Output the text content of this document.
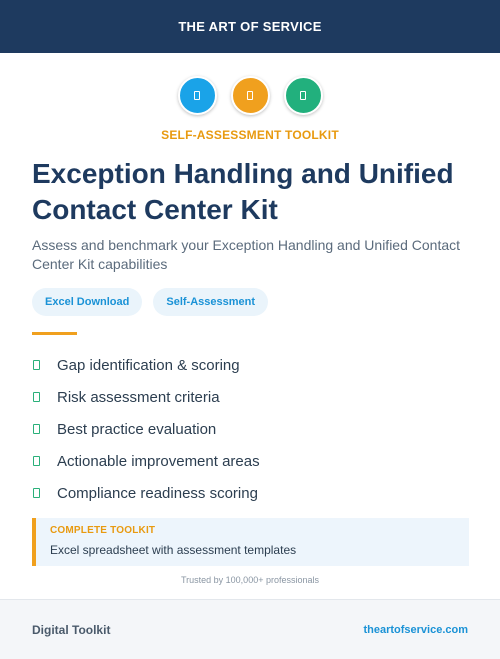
THE ART OF SERVICE
SELF-ASSESSMENT TOOLKIT
Exception Handling and Unified Contact Center Kit

Assess and benchmark your Exception Handling and Unified Contact Center Kit capabilities

Excel Download	Self-Assessment
Gap identification & scoring
Risk assessment criteria
Best practice evaluation
Actionable improvement areas
Compliance readiness scoring
COMPLETE TOOLKIT
Excel spreadsheet with assessment templates
Trusted by 100,000+ professionals
Digital Toolkit	theartofservice.com
